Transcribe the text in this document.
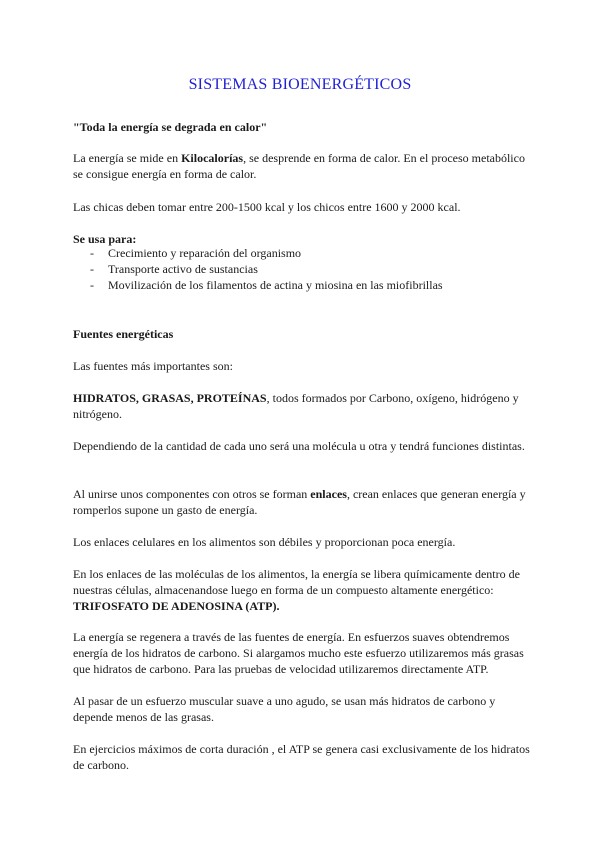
SISTEMAS BIOENERGÉTICOS
"Toda la energía se degrada en calor"
La energía se mide en Kilocalorías, se desprende en forma de calor. En el proceso metabólico se consigue energía en forma de calor.
Las chicas deben tomar entre 200-1500 kcal y los chicos entre 1600 y 2000 kcal.
Se usa para:
- Crecimiento y reparación del organismo
- Transporte activo de sustancias
- Movilización de los filamentos de actina y miosina en las miofibrillas
Fuentes energéticas
Las fuentes más importantes son:
HIDRATOS, GRASAS, PROTEÍNAS, todos formados por Carbono, oxígeno, hidrógeno y nitrógeno.
Dependiendo de la cantidad de cada uno será una molécula u otra y tendrá funciones distintas.
Al unirse unos componentes con otros se forman enlaces, crean enlaces que generan energía y romperlos supone un gasto de energía.
Los enlaces celulares en los alimentos son débiles y proporcionan poca energía.
En los enlaces de las moléculas de los alimentos, la energía se libera químicamente dentro de nuestras células, almacenandose luego en forma de un compuesto altamente energético:
TRIFOSFATO DE ADENOSINA (ATP).
La energía se regenera a través de las fuentes de energía. En esfuerzos suaves obtendremos energía de los hidratos de carbono. Si alargamos mucho este esfuerzo utilizaremos más grasas que hidratos de carbono. Para las pruebas de velocidad utilizaremos directamente ATP.
Al pasar de un esfuerzo muscular suave a uno agudo, se usan más hidratos de carbono y depende menos de las grasas.
En ejercicios máximos de corta duración , el ATP se genera casi exclusivamente de los hidratos de carbono.
